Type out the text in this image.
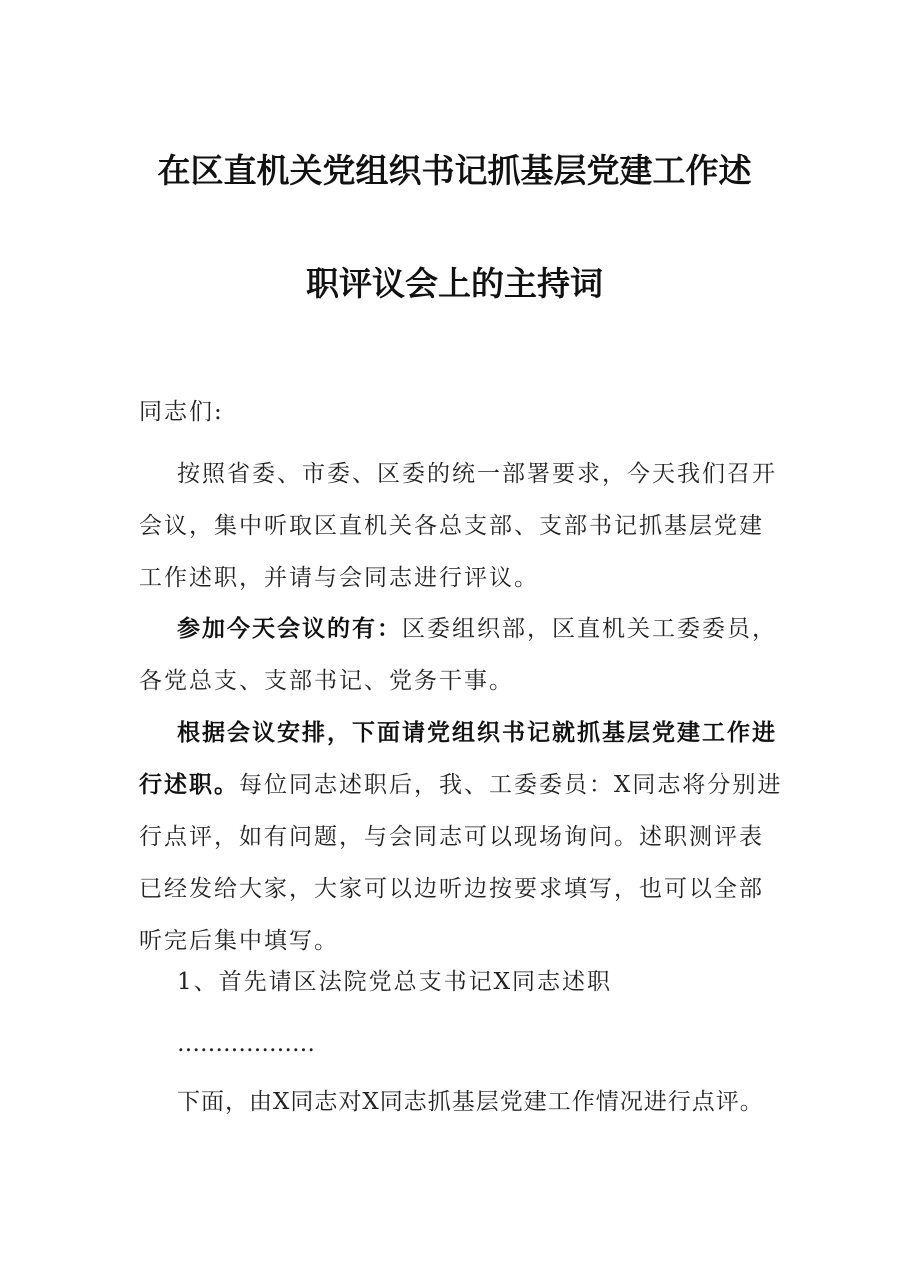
在区直机关党组织书记抓基层党建工作述
职评议会上的主持词
同志们:
按照省委、市委、区委的统一部署要求，今天我们召开
会议，集中听取区直机关各总支部、支部书记抓基层党建
工作述职，并请与会同志进行评议。
参加今天会议的有：区委组织部，区直机关工委委员，
各党总支、支部书记、党务干事。
根据会议安排，下面请党组织书记就抓基层党建工作进
行述职。每位同志述职后，我、工委委员：X同志将分别进
行点评，如有问题，与会同志可以现场询问。述职测评表
已经发给大家，大家可以边听边按要求填写，也可以全部
听完后集中填写。
1、首先请区法院党总支书记X同志述职
………………
下面，由X同志对X同志抓基层党建工作情况进行点评。
